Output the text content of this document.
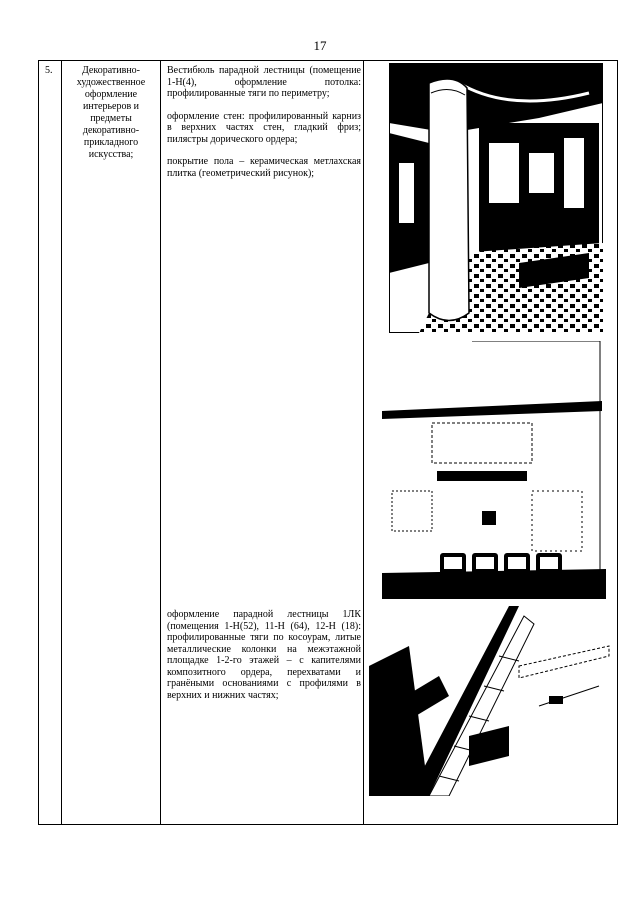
17
5.	Декоративно-художественное оформление интерьеров и предметы декоративно-прикладного искусства;

Вестибюль парадной лестницы (помещение 1-Н(4), оформление потолка: профилированные тяги по периметру;

оформление стен: профилированный карниз в верхних частях стен, гладкий фриз; пилястры дорического ордера;

покрытие пола – керамическая метлахская плитка (геометрический рисунок);

оформление парадной лестницы 1ЛК (помещения 1-Н(52), 11-Н (64), 12-Н (18): профилированные тяги по косоурам, литые металлические колонки на межэтажной площадке 1-2-го этажей – с капителями композитного ордера, перехватами и гранёными основаниями с профилями в верхних и нижних частях;
